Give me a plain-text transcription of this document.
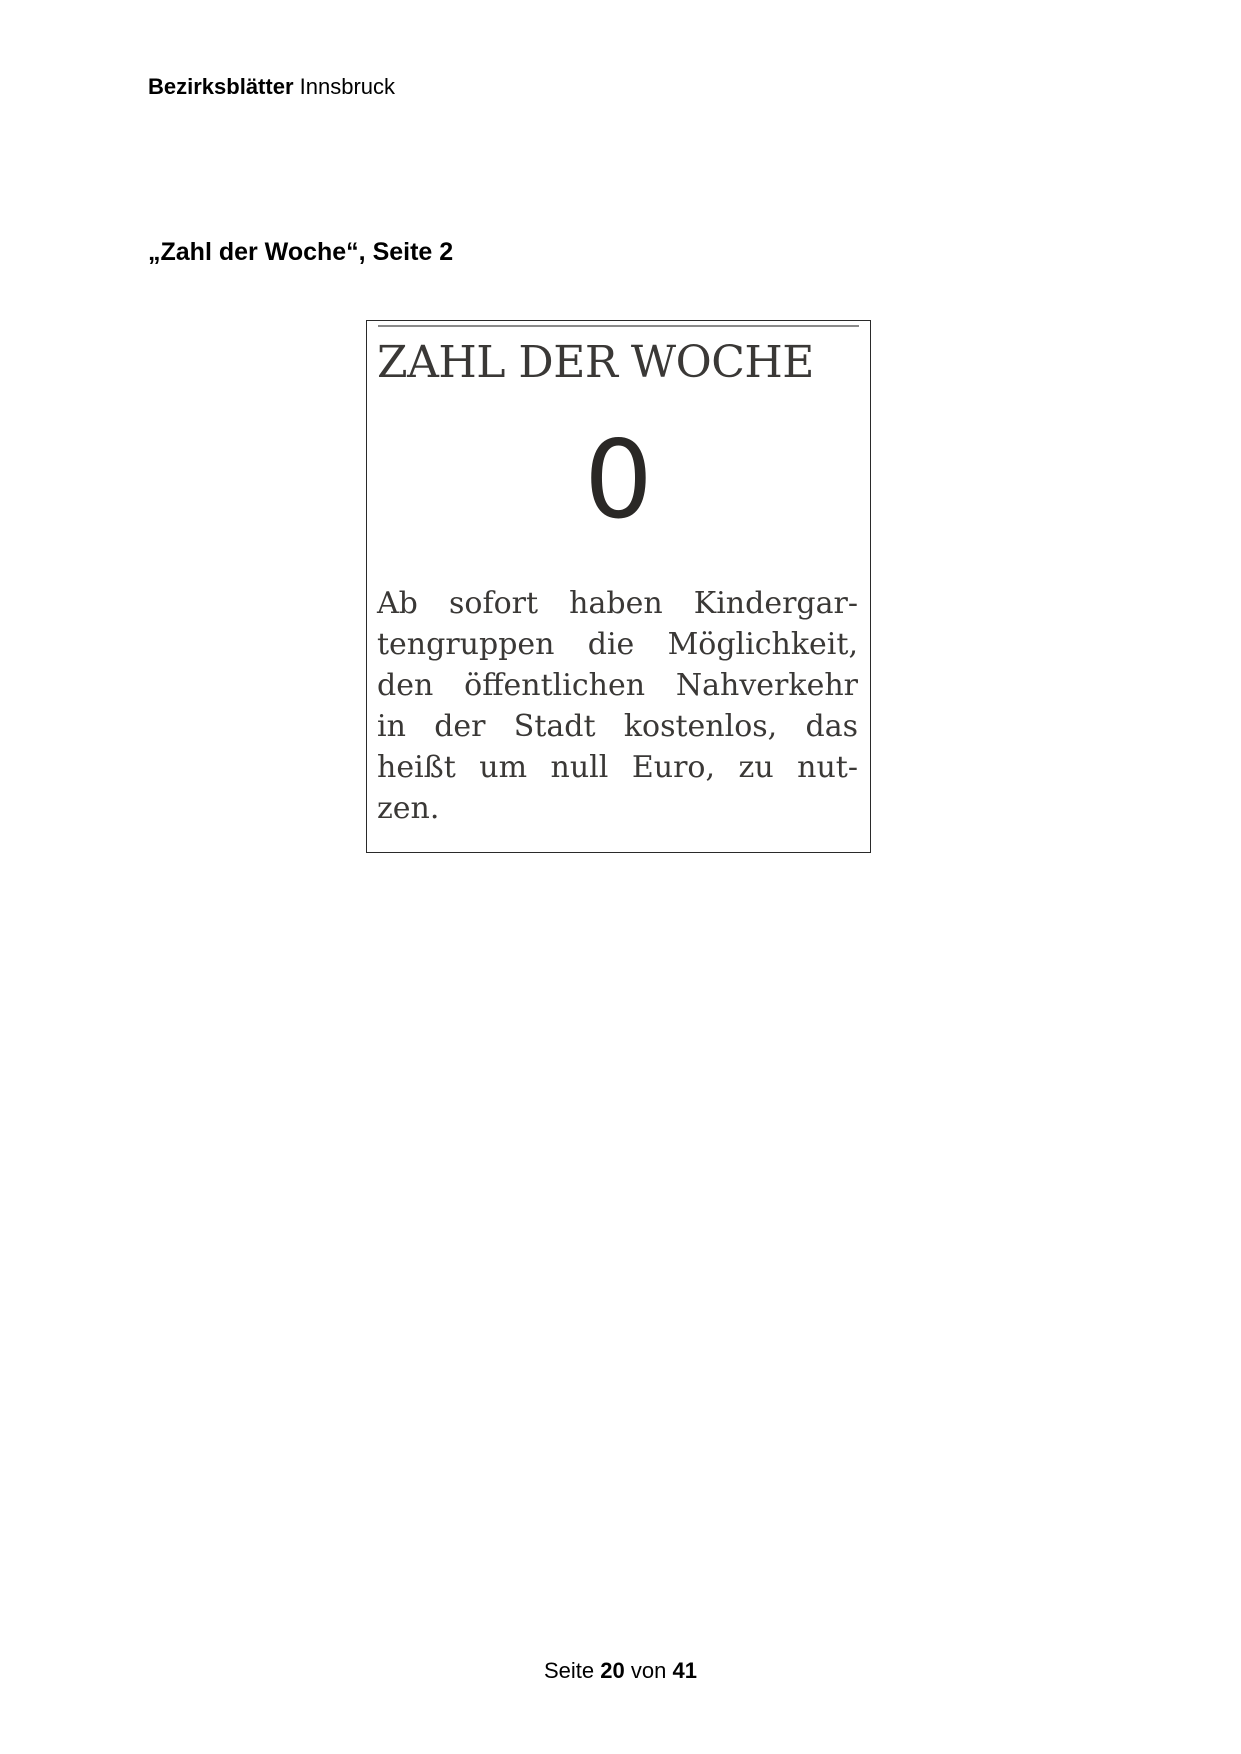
Bezirksblätter Innsbruck
„Zahl der Woche“, Seite 2
ZAHL DER WOCHE
0
Ab sofort haben Kindergar-
tengruppen die Möglichkeit,
den öffentlichen Nahverkehr
in der Stadt kostenlos, das
heißt um null Euro, zu nut-
zen.
Seite 20 von 41
